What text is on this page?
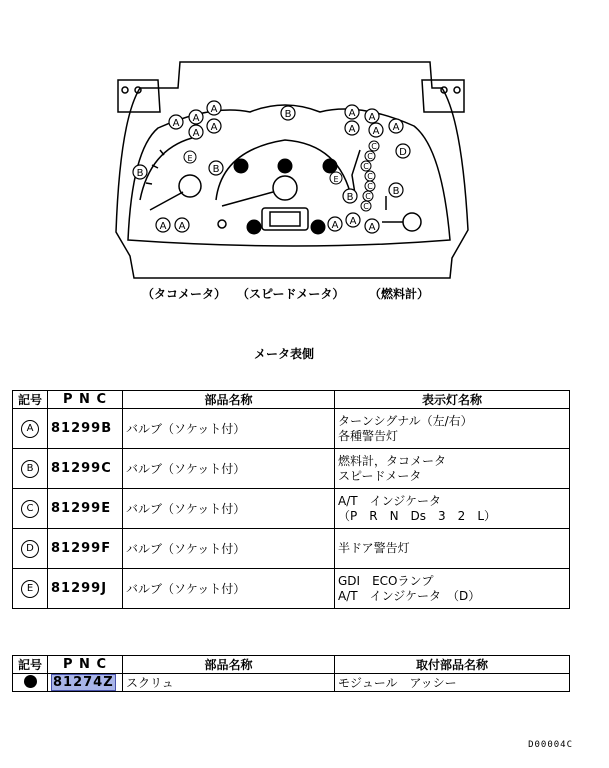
A A
A
A
A
A A
A A A
A A	A A
A
B
B	B
B
B
C
C
C
C
C
C
C
D
E
E
（タコメータ） （スピードメータ） （燃料計）
メータ表側
記号	P N C	部品名称	表示灯名称
A	81299B	バルブ（ソケット付）	ターンシグナル（左/右）
各種警告灯

B	81299C	バルブ（ソケット付）	燃料計，タコメータ
スピードメータ

C	81299E	バルブ（ソケット付）	A/T　インジケータ
（P　R　N　Ds　3　2　L）

D	81299F	バルブ（ソケット付）	半ドア警告灯

E	81299J	バルブ（ソケット付）	GDI　ECOランプ
A/T　インジケータ　（D）
記号	P N C	部品名称	取付部品名称
	81274Z	スクリュ	モジュール　アッシー
D00004C
